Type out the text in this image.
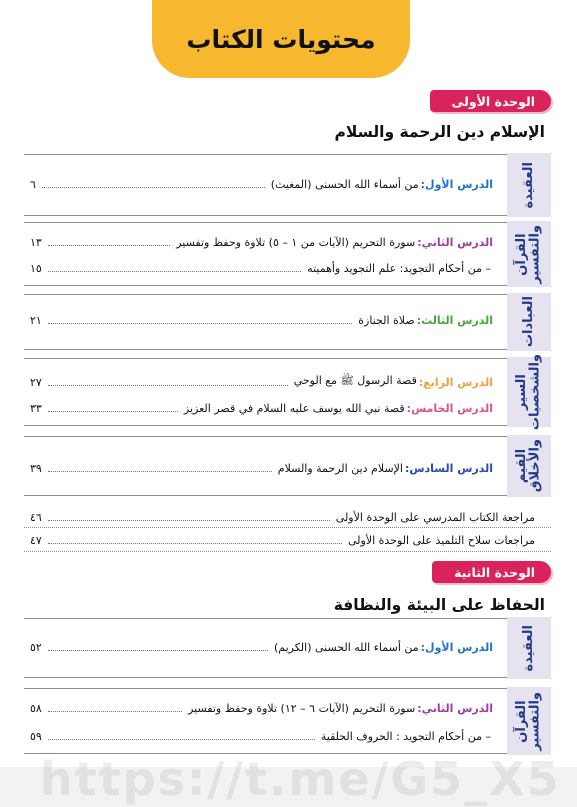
محتويات الكتاب
الوحدة الأولى
الإسلام دين الرحمة والسلام
العقيدة
الدرس الأول:
من أسماء الله الحسنى (المغيث)
٦
القرآن
والتفسير
الدرس الثاني:
سورة التحريم (الآيات من ١ – ٥) تلاوة وحفظ وتفسير
١٣
– من أحكام التجويد: علم التجويد وأهميته
١٥
العبادات
الدرس الثالث:
صلاة الجنازة
٢١
السير
والشخصيات
الدرس الرابع:
قصة الرسول ﷺ مع الوحي
٢٧
الدرس الخامس:
قصة نبي الله يوسف عليه السلام في قصر العزيز
٣٣
القيم
والأخلاق
الدرس السادس:
الإسلام دين الرحمة والسلام
٣٩
مراجعة الكتاب المدرسي على الوحدة الأولى
٤٦
مراجعات سلاح التلميذ على الوحدة الأولى
٤٧
الوحدة الثانية
الحفاظ على البيئة والنظافة
العقيدة
الدرس الأول:
من أسماء الله الحسنى (الكريم)
٥٢
القرآن
والتفسير
الدرس الثاني:
سورة التحريم (الآيات ٦ – ١٢) تلاوة وحفظ وتفسير
٥٨
– من أحكام التجويد : الحروف الحلقية
٥٩
https://t.me/G5_X5
